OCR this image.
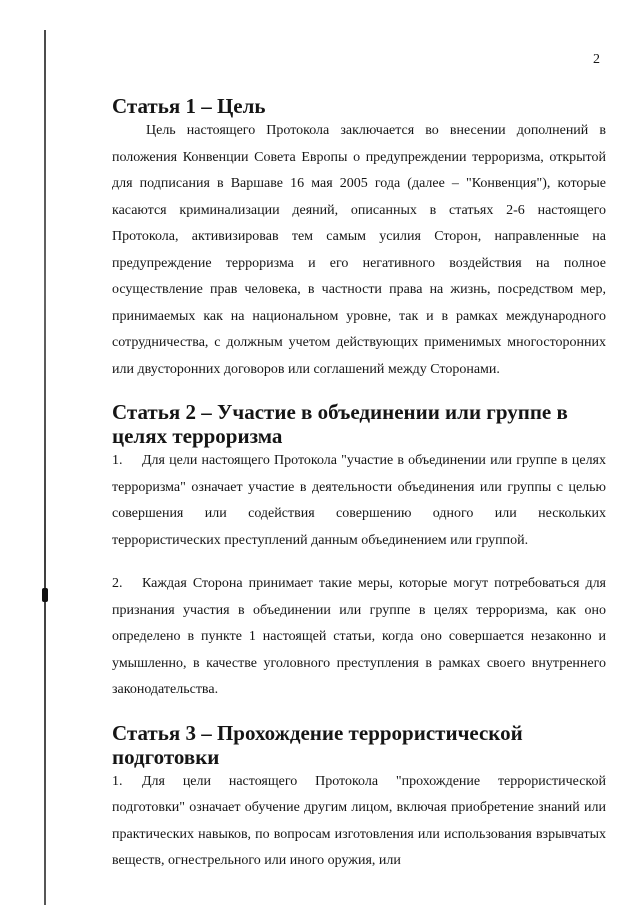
2
Статья 1 – Цель

Цель настоящего Протокола заключается во внесении дополнений в положения Конвенции Совета Европы о предупреждении терроризма, открытой для подписания в Варшаве 16 мая 2005 года (далее – "Конвенция"), которые касаются криминализации деяний, описанных в статьях 2-6 настоящего Протокола, активизировав тем самым усилия Сторон, направленные на предупреждение терроризма и его негативного воздействия на полное осуществление прав человека, в частности права на жизнь, посредством мер, принимаемых как на национальном уровне, так и в рамках международного сотрудничества, с должным учетом действующих применимых многосторонних или двусторонних договоров или соглашений между Сторонами.

Статья 2 – Участие в объединении или группе в целях терроризма

1. Для цели настоящего Протокола "участие в объединении или группе в целях терроризма" означает участие в деятельности объединения или группы с целью совершения или содействия совершению одного или нескольких террористических преступлений данным объединением или группой.

2. Каждая Сторона принимает такие меры, которые могут потребоваться для признания участия в объединении или группе в целях терроризма, как оно определено в пункте 1 настоящей статьи, когда оно совершается незаконно и умышленно, в качестве уголовного преступления в рамках своего внутреннего законодательства.

Статья 3 – Прохождение террористической подготовки

1. Для цели настоящего Протокола "прохождение террористической подготовки" означает обучение другим лицом, включая приобретение знаний или практических навыков, по вопросам изготовления или использования взрывчатых веществ, огнестрельного или иного оружия, или
